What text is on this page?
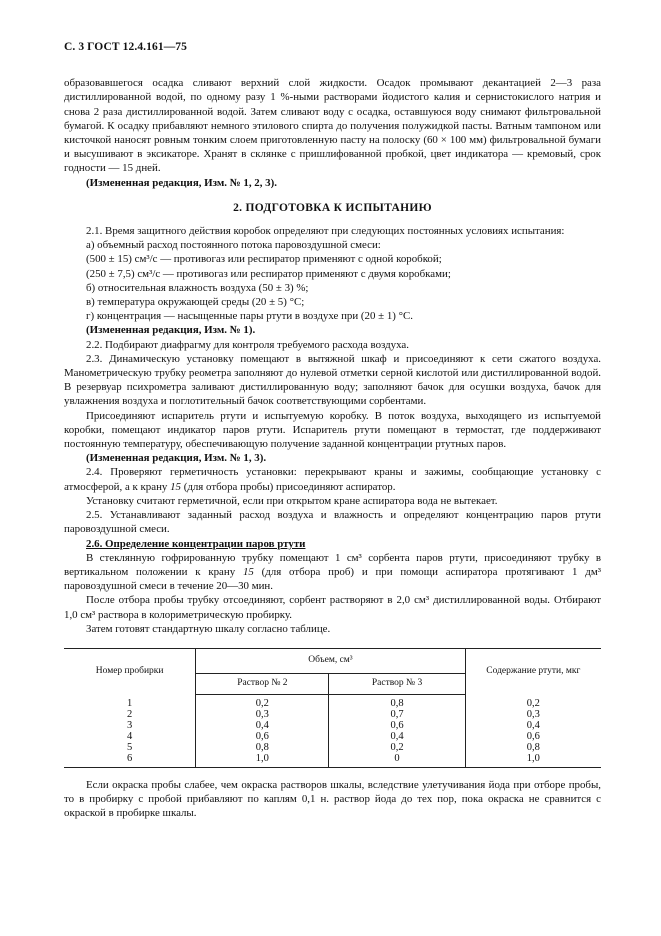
С. 3 ГОСТ 12.4.161—75

образовавшегося осадка сливают верхний слой жидкости. Осадок промывают декантацией 2—3 раза дистиллированной водой, по одному разу 1 %-ными растворами йодистого калия и сернистокислого натрия и снова 2 раза дистиллированной водой. Затем сливают воду с осадка, оставшуюся воду снимают фильтровальной бумагой. К осадку прибавляют немного этилового спирта до получения полужидкой пасты. Ватным тампоном или кисточкой наносят ровным тонким слоем приготовленную пасту на полоску (60 × 100 мм) фильтровальной бумаги и высушивают в эксикаторе. Хранят в склянке с пришлифованной пробкой, цвет индикатора — кремовый, срок годности — 15 дней.

(Измененная редакция, Изм. № 1, 2, 3).

2. ПОДГОТОВКА К ИСПЫТАНИЮ

2.1. Время защитного действия коробок определяют при следующих постоянных условиях испытания:

а) объемный расход постоянного потока паровоздушной смеси:

(500 ± 15) см³/с — противогаз или респиратор применяют с одной коробкой;

(250 ± 7,5) см³/с — противогаз или респиратор применяют с двумя коробками;

б) относительная влажность воздуха (50 ± 3) %;

в) температура окружающей среды (20 ± 5) °С;

г) концентрация — насыщенные пары ртути в воздухе при (20 ± 1) °С.

(Измененная редакция, Изм. № 1).

2.2. Подбирают диафрагму для контроля требуемого расхода воздуха.

2.3. Динамическую установку помещают в вытяжной шкаф и присоединяют к сети сжатого воздуха. Манометрическую трубку реометра заполняют до нулевой отметки серной кислотой или дистиллированной водой. В резервуар психрометра заливают дистиллированную воду; заполняют бачок для осушки воздуха, бачок для увлажнения воздуха и поглотительный бачок соответствующими сорбентами.

Присоединяют испаритель ртути и испытуемую коробку. В поток воздуха, выходящего из испытуемой коробки, помещают индикатор паров ртути. Испаритель ртути помещают в термостат, где поддерживают постоянную температуру, обеспечивающую получение заданной концентрации ртутных паров.

(Измененная редакция, Изм. № 1, 3).

2.4. Проверяют герметичность установки: перекрывают краны и зажимы, сообщающие установку с атмосферой, а к крану 15 (для отбора пробы) присоединяют аспиратор.

Установку считают герметичной, если при открытом кране аспиратора вода не вытекает.

2.5. Устанавливают заданный расход воздуха и влажность и определяют концентрацию паров ртути паровоздушной смеси.

2.6. Определение концентрации паров ртути

В стеклянную гофрированную трубку помещают 1 см³ сорбента паров ртути, присоединяют трубку в вертикальном положении к крану 15 (для отбора проб) и при помощи аспиратора протягивают 1 дм³ паровоздушной смеси в течение 20—30 мин.

После отбора пробы трубку отсоединяют, сорбент растворяют в 2,0 см³ дистиллированной воды. Отбирают 1,0 см³ раствора в колориметрическую пробирку.

Затем готовят стандартную шкалу согласно таблице.

Номер пробирки	Объем, см³		Содержание ртути, мкг
	Раствор № 2	Раствор № 3	
1	0,2	0,8	0,2
2	0,3	0,7	0,3
3	0,4	0,6	0,4
4	0,6	0,4	0,6
5	0,8	0,2	0,8
6	1,0	0	1,0

Если окраска пробы слабее, чем окраска растворов шкалы, вследствие улетучивания йода при отборе пробы, то в пробирку с пробой прибавляют по каплям 0,1 н. раствор йода до тех пор, пока окраска не сравнится с окраской в пробирке шкалы.
